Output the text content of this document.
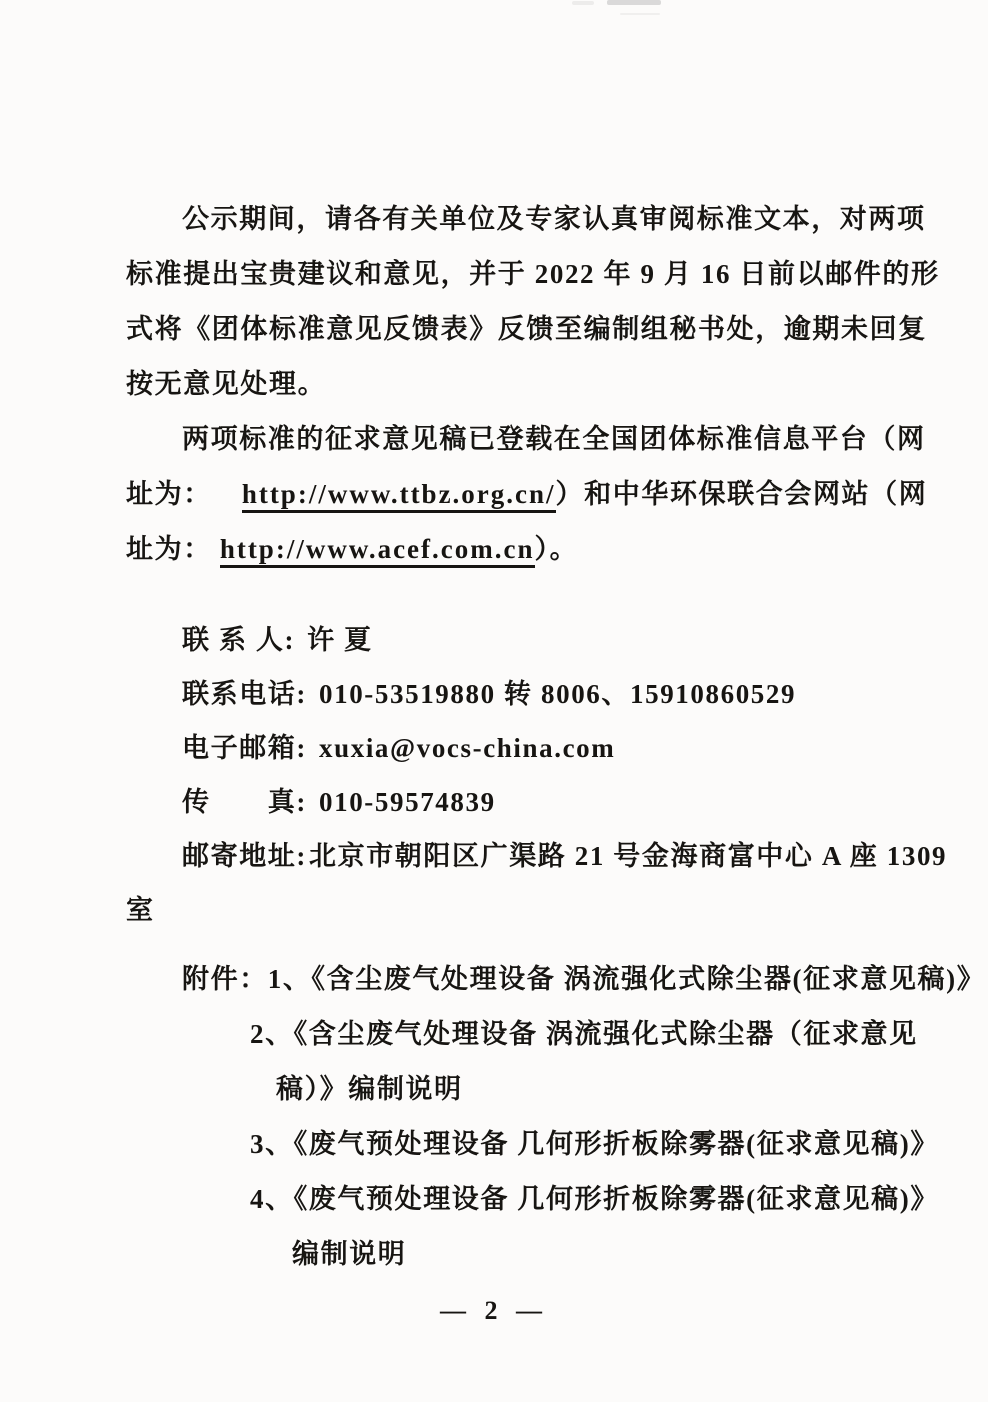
公示期间，请各有关单位及专家认真审阅标准文本，对两项

标准提出宝贵建议和意见，并于 2022 年 9 月 16 日前以邮件的形

式将《团体标准意见反馈表》反馈至编制组秘书处，逾期未回复

按无意见处理。

两项标准的征求意见稿已登载在全国团体标准信息平台（网

址为： http://www.ttbz.org.cn/）和中华环保联合会网站（网

址为： http://www.acef.com.cn）。

联 系 人: 许 夏

联系电话: 010-53519880 转 8006、15910860529

电子邮箱: xuxia@vocs-china.com

传　　真: 010-59574839

邮寄地址:北京市朝阳区广渠路 21 号金海商富中心 A 座 1309

室

附件：1、《含尘废气处理设备 涡流强化式除尘器(征求意见稿)》

2、《含尘废气处理设备 涡流强化式除尘器（征求意见

稿）》编制说明

3、《废气预处理设备 几何形折板除雾器(征求意见稿)》

4、《废气预处理设备 几何形折板除雾器(征求意见稿)》

编制说明

— 2 —
